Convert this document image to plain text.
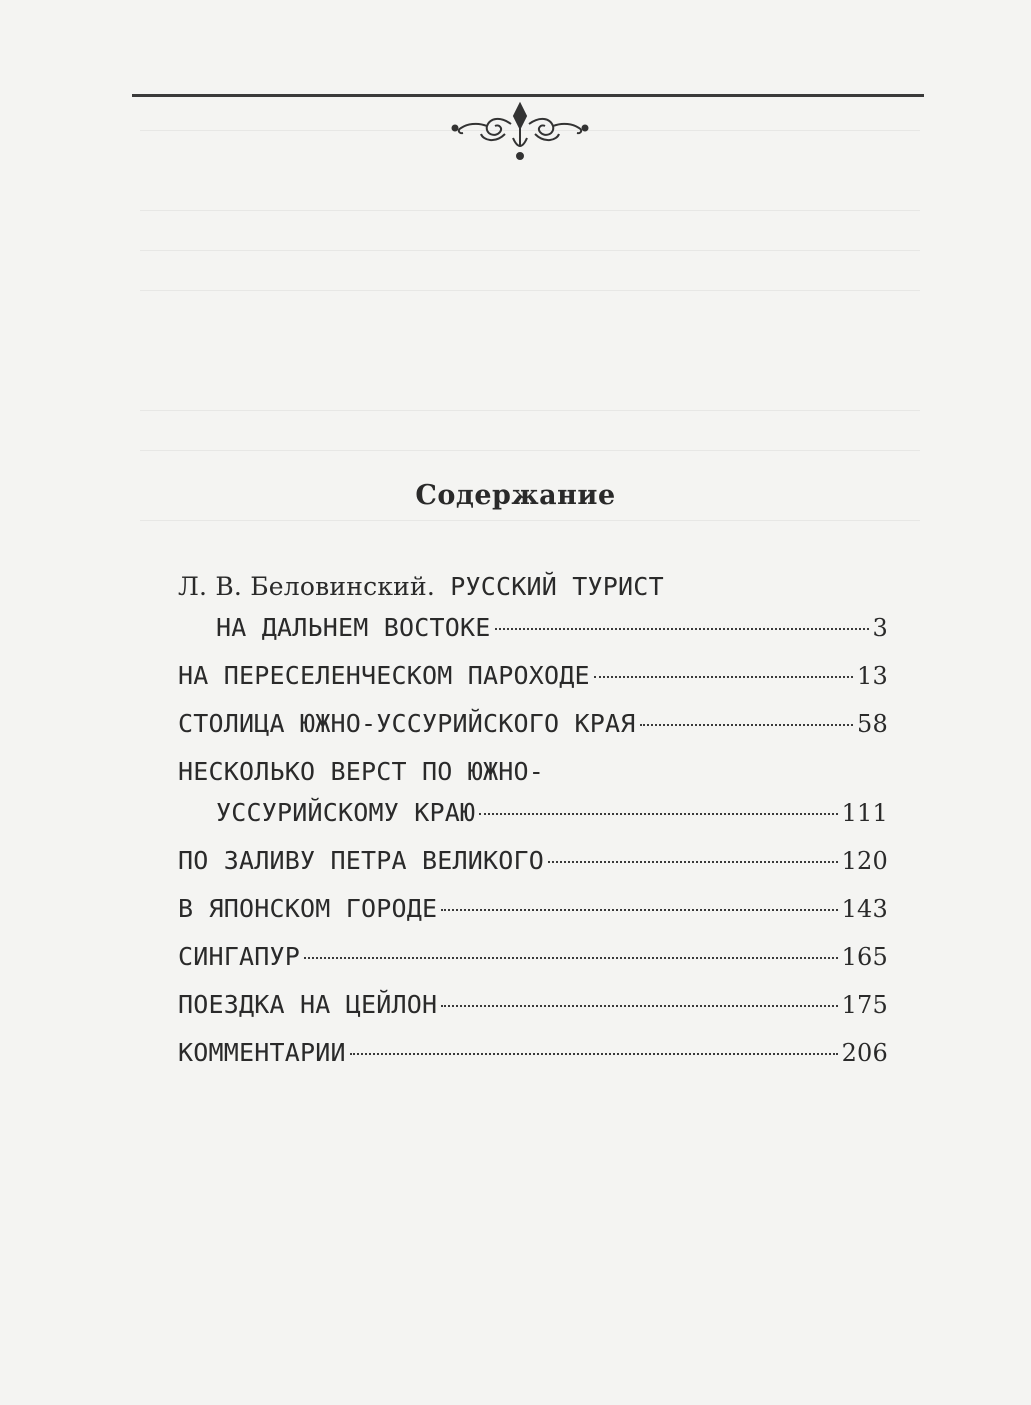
Содержание
Л. В. Беловинский. РУССКИЙ ТУРИСТ
НА ДАЛЬНЕМ ВОСТОКЕ	3
НА ПЕРЕСЕЛЕНЧЕСКОМ ПАРОХОДЕ	13
СТОЛИЦА ЮЖНО-УССУРИЙСКОГО КРАЯ	58
НЕСКОЛЬКО ВЕРСТ ПО ЮЖНО-
УССУРИЙСКОМУ КРАЮ	111
ПО ЗАЛИВУ ПЕТРА ВЕЛИКОГО	120
В ЯПОНСКОМ ГОРОДЕ	143
СИНГАПУР	165
ПОЕЗДКА НА ЦЕЙЛОН	175
КОММЕНТАРИИ	206
